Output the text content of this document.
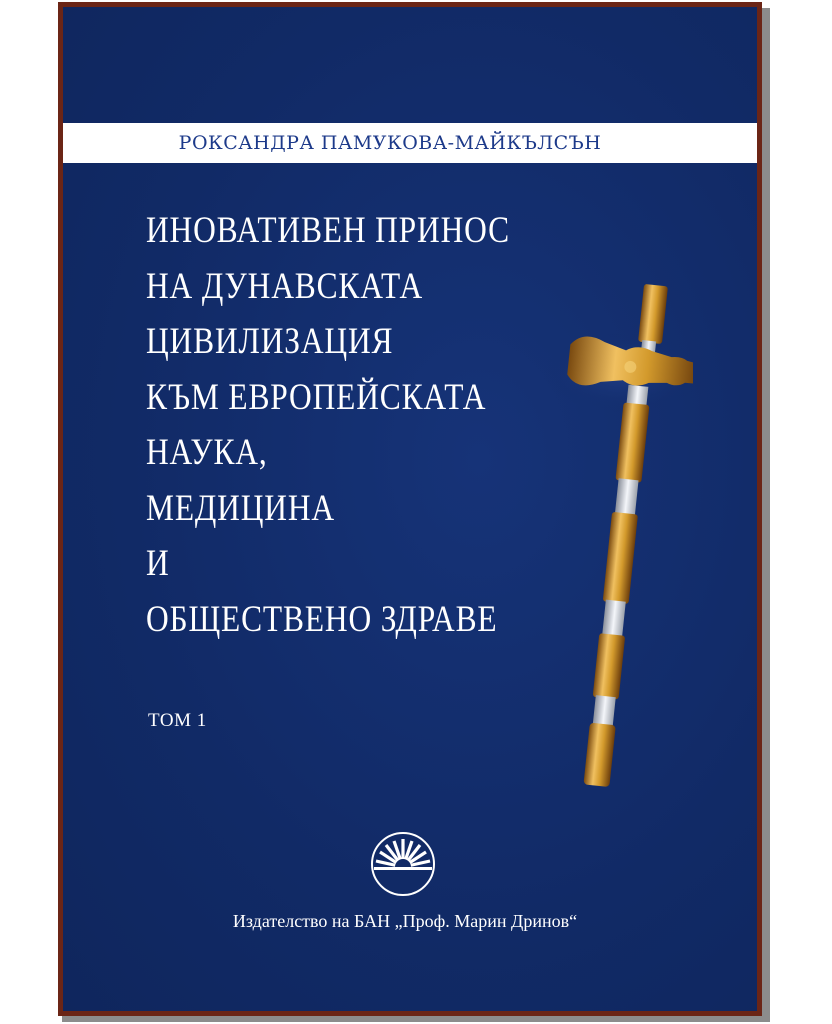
РОКСАНДРА ПАМУКОВА-МАЙКЪЛСЪН
ИНОВАТИВЕН ПРИНОС
НА ДУНАВСКАТА
ЦИВИЛИЗАЦИЯ
КЪМ ЕВРОПЕЙСКАТА
НАУКА,
МЕДИЦИНА
И
ОБЩЕСТВЕНО ЗДРАВЕ
ТОМ 1
Издателство на БАН „Проф. Марин Дринов“
